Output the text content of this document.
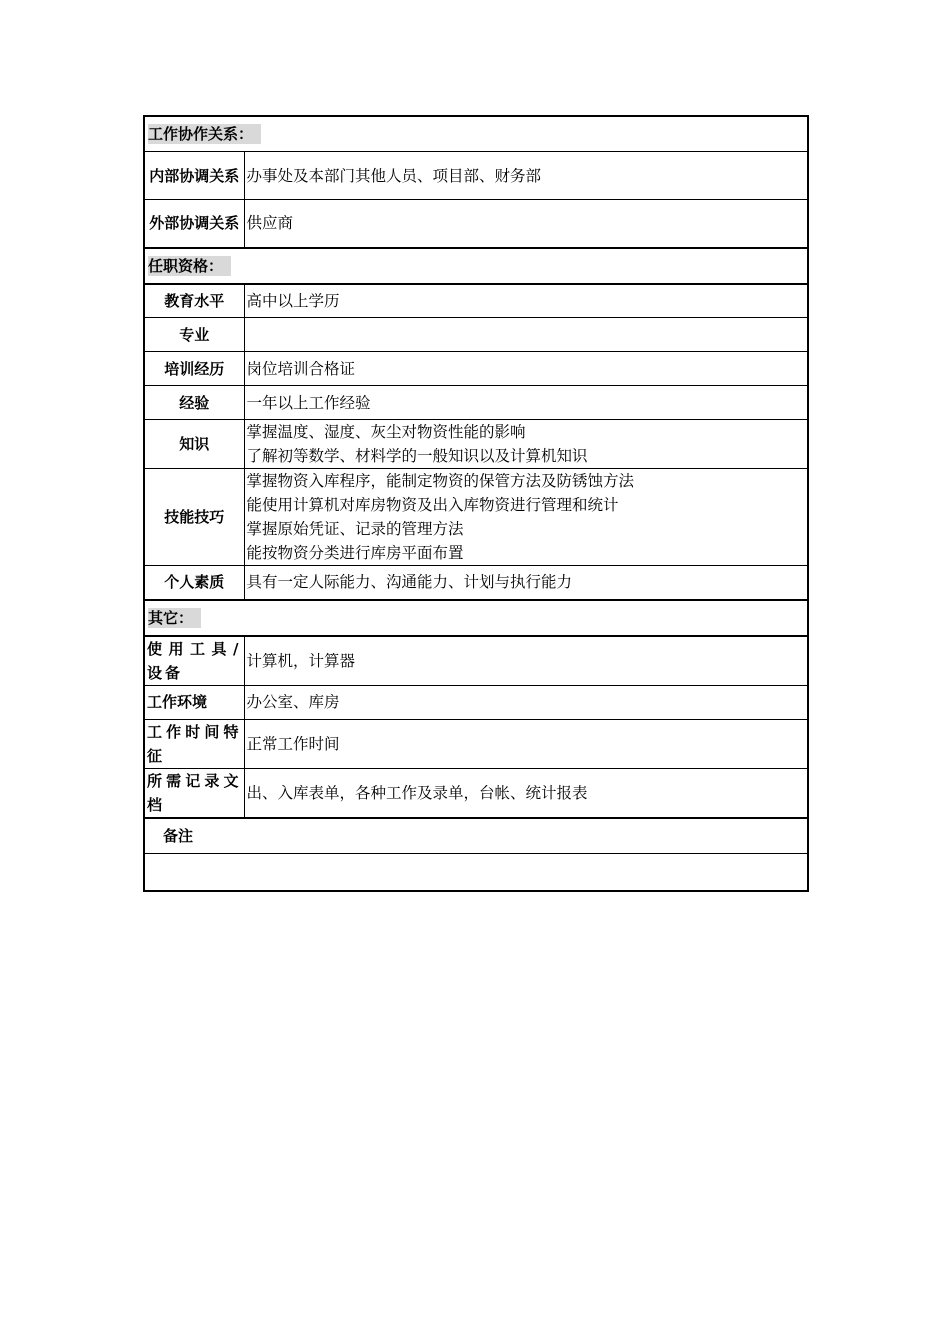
工作协作关系：	
内部协调关系	办事处及本部门其他人员、项目部、财务部
外部协调关系	供应商
任职资格：	
教育水平	高中以上学历
专业	
培训经历	岗位培训合格证
经验	一年以上工作经验
知识	掌握温度、湿度、灰尘对物资性能的影响
了解初等数学、材料学的一般知识以及计算机知识

技能技巧	掌握物资入库程序，能制定物资的保管方法及防锈蚀方法
能使用计算机对库房物资及出入库物资进行管理和统计
掌握原始凭证、记录的管理方法
能按物资分类进行库房平面布置

个人素质	具有一定人际能力、沟通能力、计划与执行能力
其它：	
使用工具/设备	计算机，计算器
工作环境	办公室、库房
工作时间特征	正常工作时间
所需记录文档	出、入库表单，各种工作及录单，台帐、统计报表
备注	
